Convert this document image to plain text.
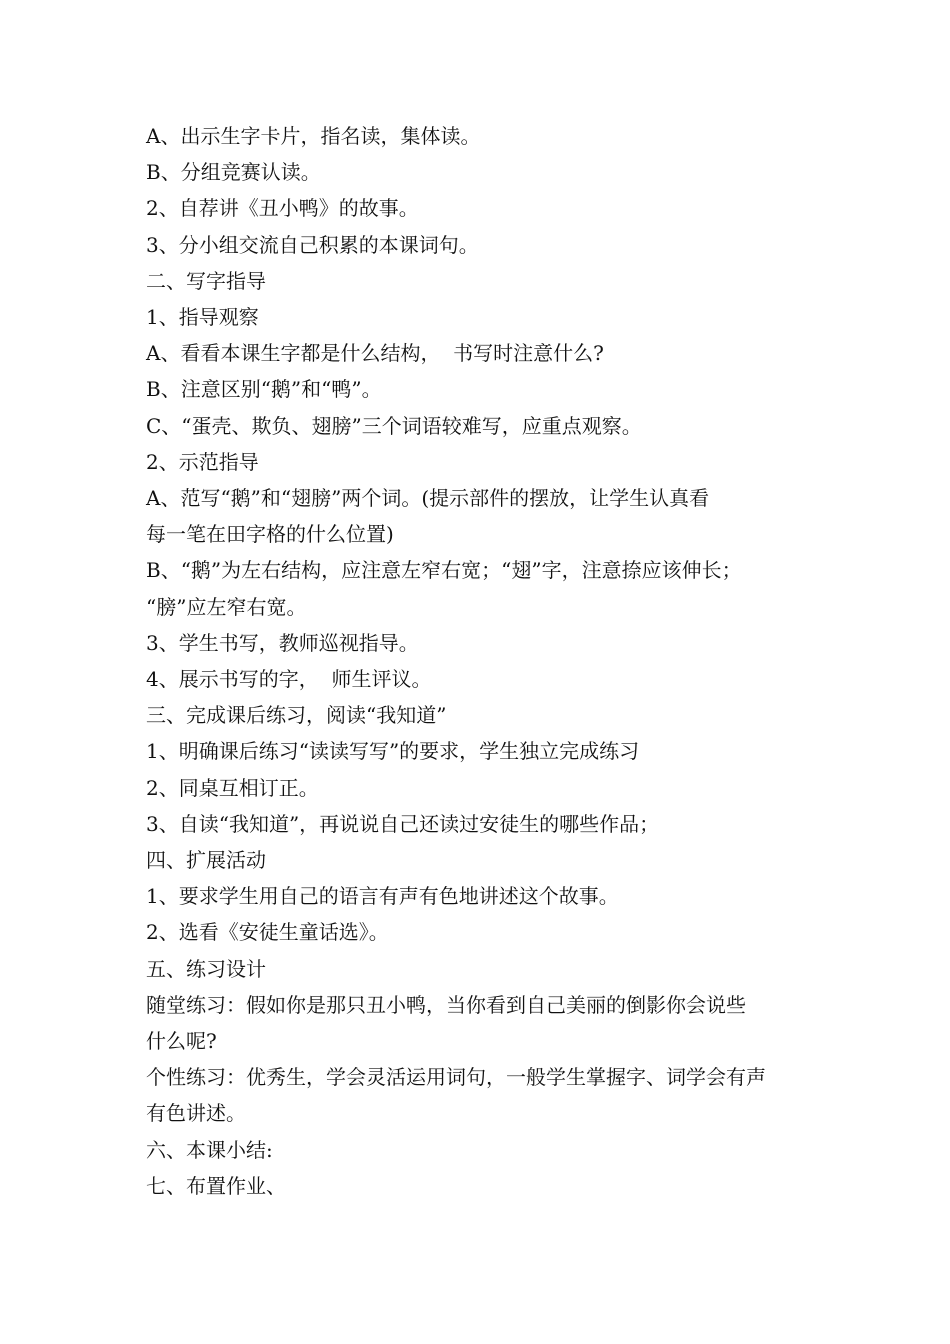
A、出示生字卡片，指名读，集体读。

B、分组竞赛认读。

2、自荐讲《丑小鸭》的故事。

3、分小组交流自己积累的本课词句。

二、写字指导

1、指导观察

A、看看本课生字都是什么结构，  书写时注意什么?

B、注意区别“鹅”和“鸭”。

C、“蛋壳、欺负、翅膀”三个词语较难写，应重点观察。

2、示范指导

A、范写“鹅”和“翅膀”两个词。(提示部件的摆放，让学生认真看

每一笔在田字格的什么位置)

B、“鹅”为左右结构，应注意左窄右宽；“翅”字，注意捺应该伸长；

“膀”应左窄右宽。

3、学生书写，教师巡视指导。

4、展示书写的字，  师生评议。

三、完成课后练习，阅读“我知道”

1、明确课后练习“读读写写”的要求，学生独立完成练习

2、同桌互相订正。

3、自读“我知道”，再说说自己还读过安徒生的哪些作品；

四、扩展活动

1、要求学生用自己的语言有声有色地讲述这个故事。

2、选看《安徒生童话选》。

五、练习设计

随堂练习：假如你是那只丑小鸭，当你看到自己美丽的倒影你会说些

什么呢?

个性练习：优秀生，学会灵活运用词句，一般学生掌握字、词学会有声

有色讲述。

六、本课小结:

七、布置作业、
